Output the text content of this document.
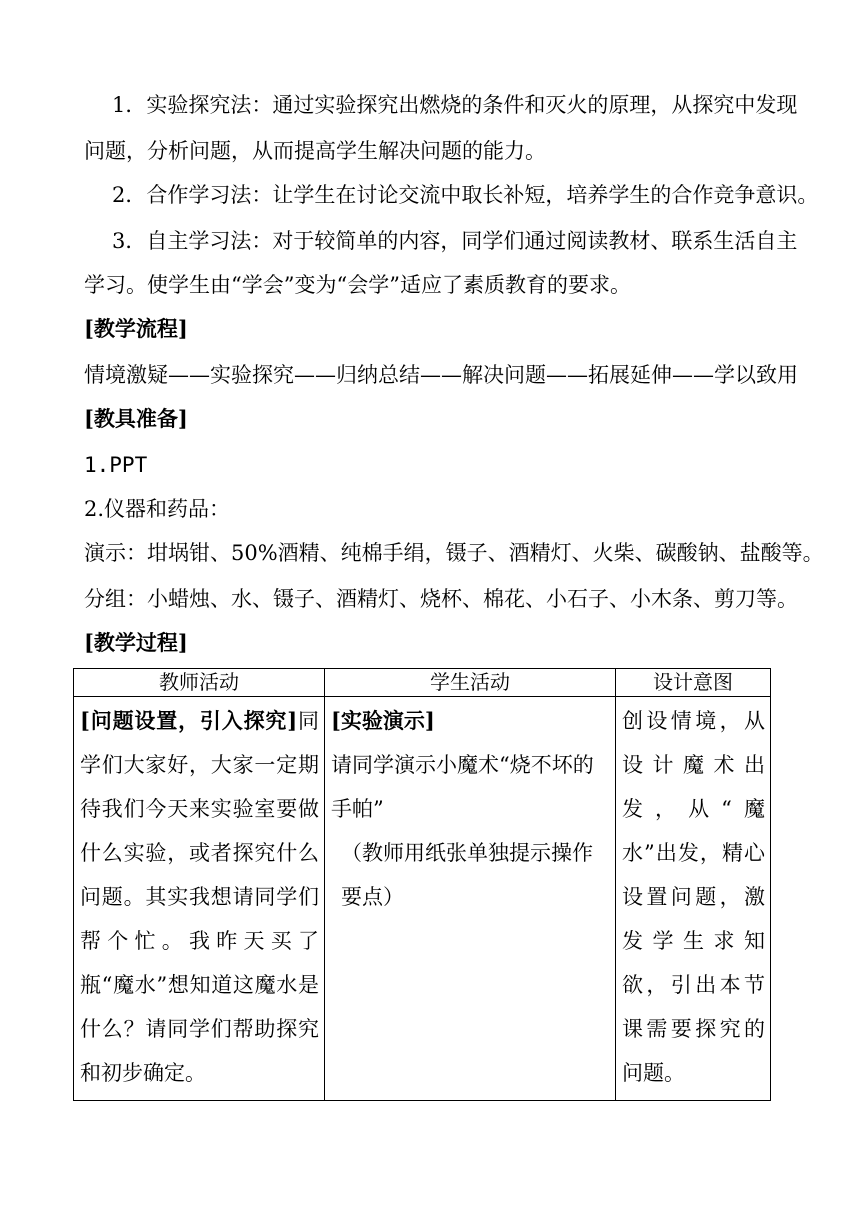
1．实验探究法：通过实验探究出燃烧的条件和灭火的原理，从探究中发现
问题，分析问题，从而提高学生解决问题的能力。
2．合作学习法：让学生在讨论交流中取长补短，培养学生的合作竞争意识。
3．自主学习法：对于较简单的内容，同学们通过阅读教材、联系生活自主
学习。使学生由“学会”变为“会学”适应了素质教育的要求。
[教学流程]
情境激疑——实验探究——归纳总结——解决问题——拓展延伸——学以致用
[教具准备]
1.PPT
2.仪器和药品：
演示：坩埚钳、50%酒精、纯棉手绢，镊子、酒精灯、火柴、碳酸钠、盐酸等。
分组：小蜡烛、水、镊子、酒精灯、烧杯、棉花、小石子、小木条、剪刀等。
[教学过程]
教师活动	学生活动	设计意图

[问题设置，引入探究]同学们大家好，大家一定期待我们今天来实验室要做什么实验，或者探究什么问题。其实我想请同学们帮个忙。我昨天买了瓶“魔水”想知道这魔水是什么？请同学们帮助探究和初步确定。	[实验演示]
请同学演示小魔术“烧不坏的手帕”
（教师用纸张单独提示操作要点）	创设情境，从设计魔术出发，从“魔水”出发，精心设置问题，激发学生求知欲，引出本节课需要探究的问题。
